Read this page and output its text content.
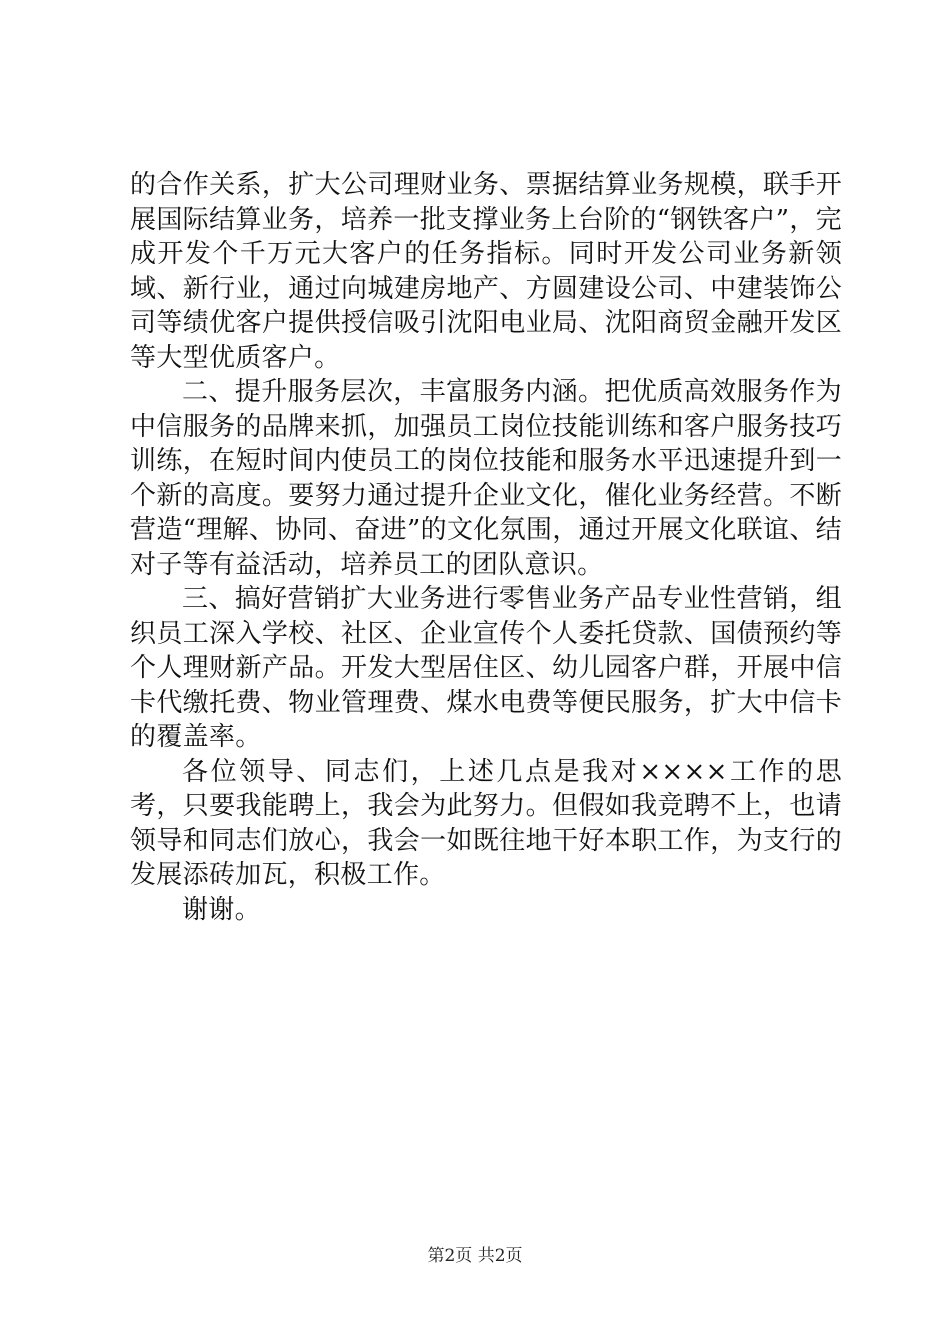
的合作关系，扩大公司理财业务、票据结算业务规模，联手开展国际结算业务，培养一批支撑业务上台阶的“钢铁客户”，完成开发个千万元大客户的任务指标。同时开发公司业务新领域、新行业，通过向城建房地产、方圆建设公司、中建装饰公司等绩优客户提供授信吸引沈阳电业局、沈阳商贸金融开发区等大型优质客户。

二、提升服务层次，丰富服务内涵。把优质高效服务作为中信服务的品牌来抓，加强员工岗位技能训练和客户服务技巧训练，在短时间内使员工的岗位技能和服务水平迅速提升到一个新的高度。要努力通过提升企业文化，催化业务经营。不断营造“理解、协同、奋进”的文化氛围，通过开展文化联谊、结对子等有益活动，培养员工的团队意识。

三、搞好营销扩大业务进行零售业务产品专业性营销，组织员工深入学校、社区、企业宣传个人委托贷款、国债预约等个人理财新产品。开发大型居住区、幼儿园客户群，开展中信卡代缴托费、物业管理费、煤水电费等便民服务，扩大中信卡的覆盖率。

各位领导、同志们，上述几点是我对××××工作的思考，只要我能聘上，我会为此努力。但假如我竞聘不上，也请领导和同志们放心，我会一如既往地干好本职工作，为支行的发展添砖加瓦，积极工作。

谢谢。

第2页 共2页
